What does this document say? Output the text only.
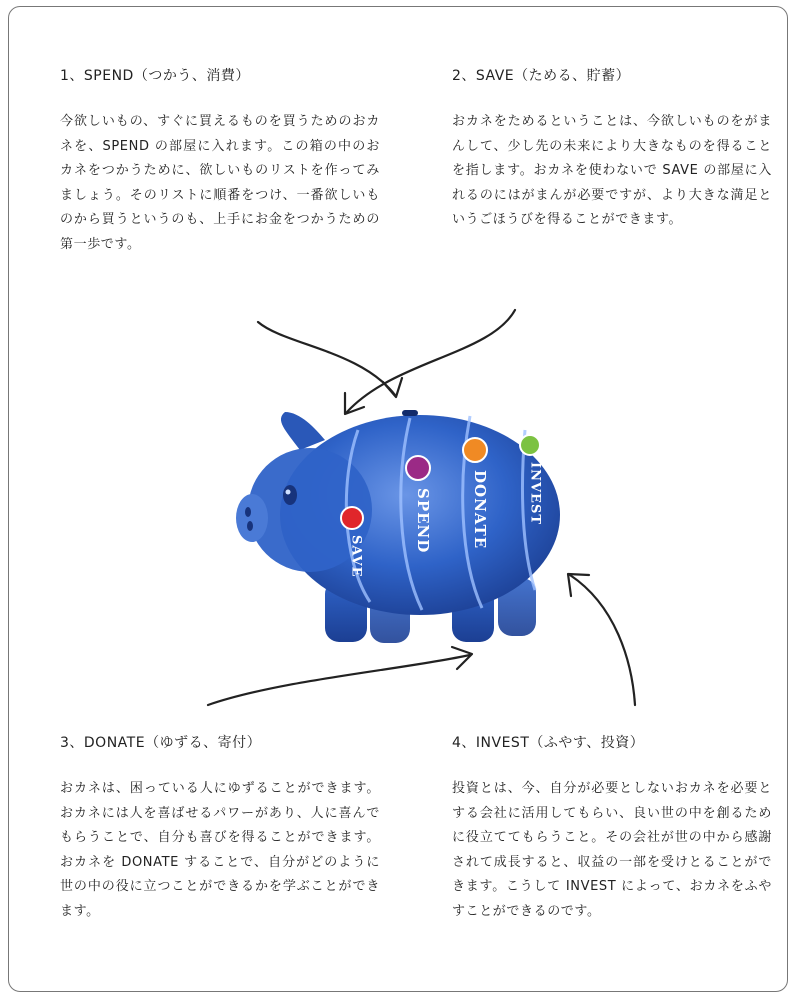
1、SPEND（つかう、消費）
今欲しいもの、すぐに買えるものを買うためのおカネを、SPEND の部屋に入れます。この箱の中のおカネをつかうために、欲しいものリストを作ってみましょう。そのリストに順番をつけ、一番欲しいものから買うというのも、上手にお金をつかうための第一歩です。
2、SAVE（ためる、貯蓄）
おカネをためるということは、今欲しいものをがまんして、少し先の未来により大きなものを得ることを指します。おカネを使わないで SAVE の部屋に入れるのにはがまんが必要ですが、より大きな満足というごほうびを得ることができます。
3、DONATE（ゆずる、寄付）
おカネは、困っている人にゆずることができます。おカネには人を喜ばせるパワーがあり、人に喜んでもらうことで、自分も喜びを得ることができます。おカネを DONATE することで、自分がどのように世の中の役に立つことができるかを学ぶことができます。
4、INVEST（ふやす、投資）
投資とは、今、自分が必要としないおカネを必要とする会社に活用してもらい、良い世の中を創るために役立ててもらうこと。その会社が世の中から感謝されて成長すると、収益の一部を受けとることができます。こうして INVEST によって、おカネをふやすことができるのです。
SAVE
SPEND	DONATE	INVEST
